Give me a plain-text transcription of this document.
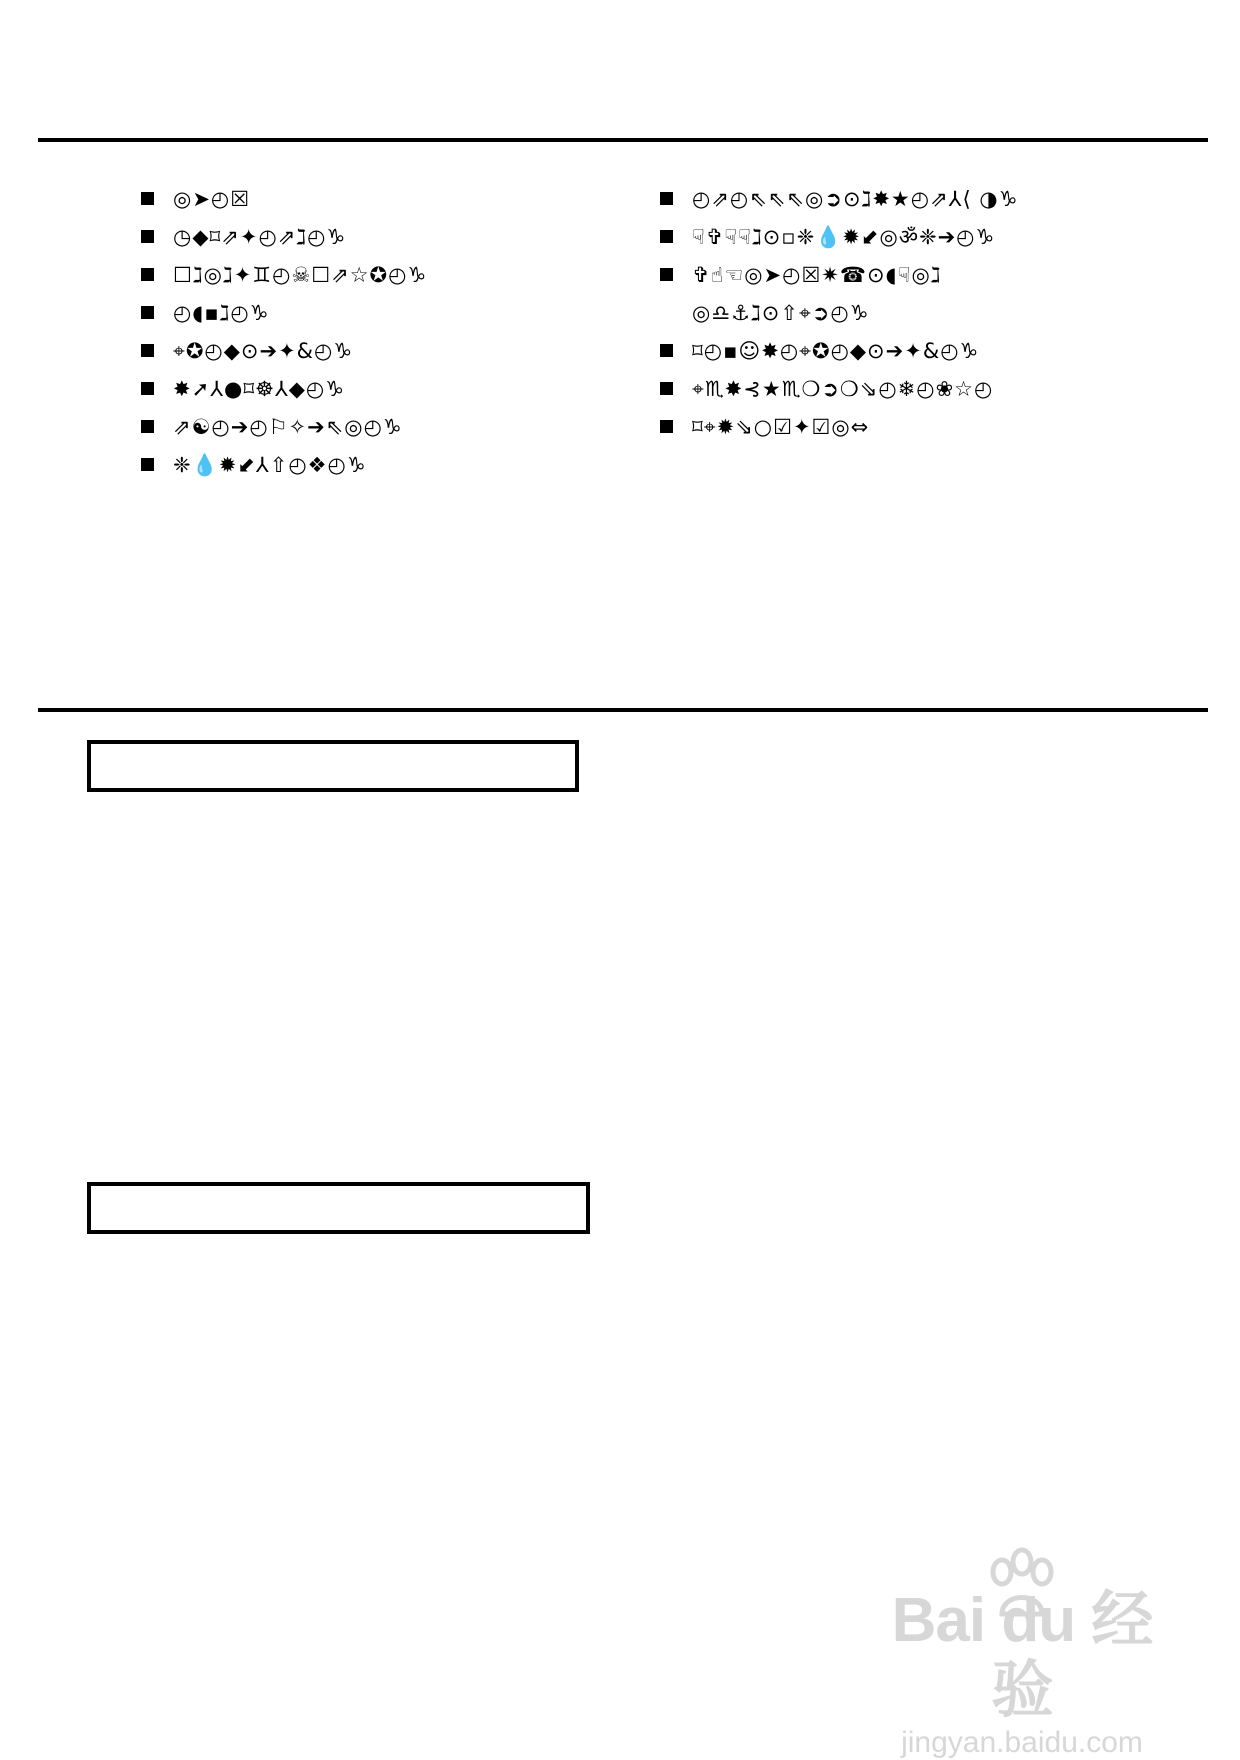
◎➤◴☒
◷◆⌑⇗✦◴⇗ℷ◴♑
☐ℷ◎ℷ✦♊◴☠☐⇗☆✪◴♑
◴◖▪ℷ◴♑
⌖✪◴◆⊙➔✦&◴♑
✸➚⅄●⌑☸⅄◆◴♑
⇗☯◴➔◴⚐✧➔⇖◎◴♑
❈💧✹⬋⅄⇧◴❖◴♑
◴⇗◴⇖⇖⇖◎➲⊙ℷ✸★◴⇗⅄⟨ ◑♑
☟✞☟☟ℷ⊙▫❈💧✹⬋◎ॐ❈➔◴♑
✞☝☜◎➤◴☒✷☎⊙◖☟◎ℷ
◎♎⚓ℷ⊙⇧⌖➲◴♑
⌑◴▪☺✸◴⌖✪◴◆⊙➔✦&◴♑
⌖♏✸⊰★♏❍➲❍⇘◴❄◴❀☆◴
⌑⌖✹⇘○☑✦☑◎⇔
Bai du 经验
jingyan.baidu.com
